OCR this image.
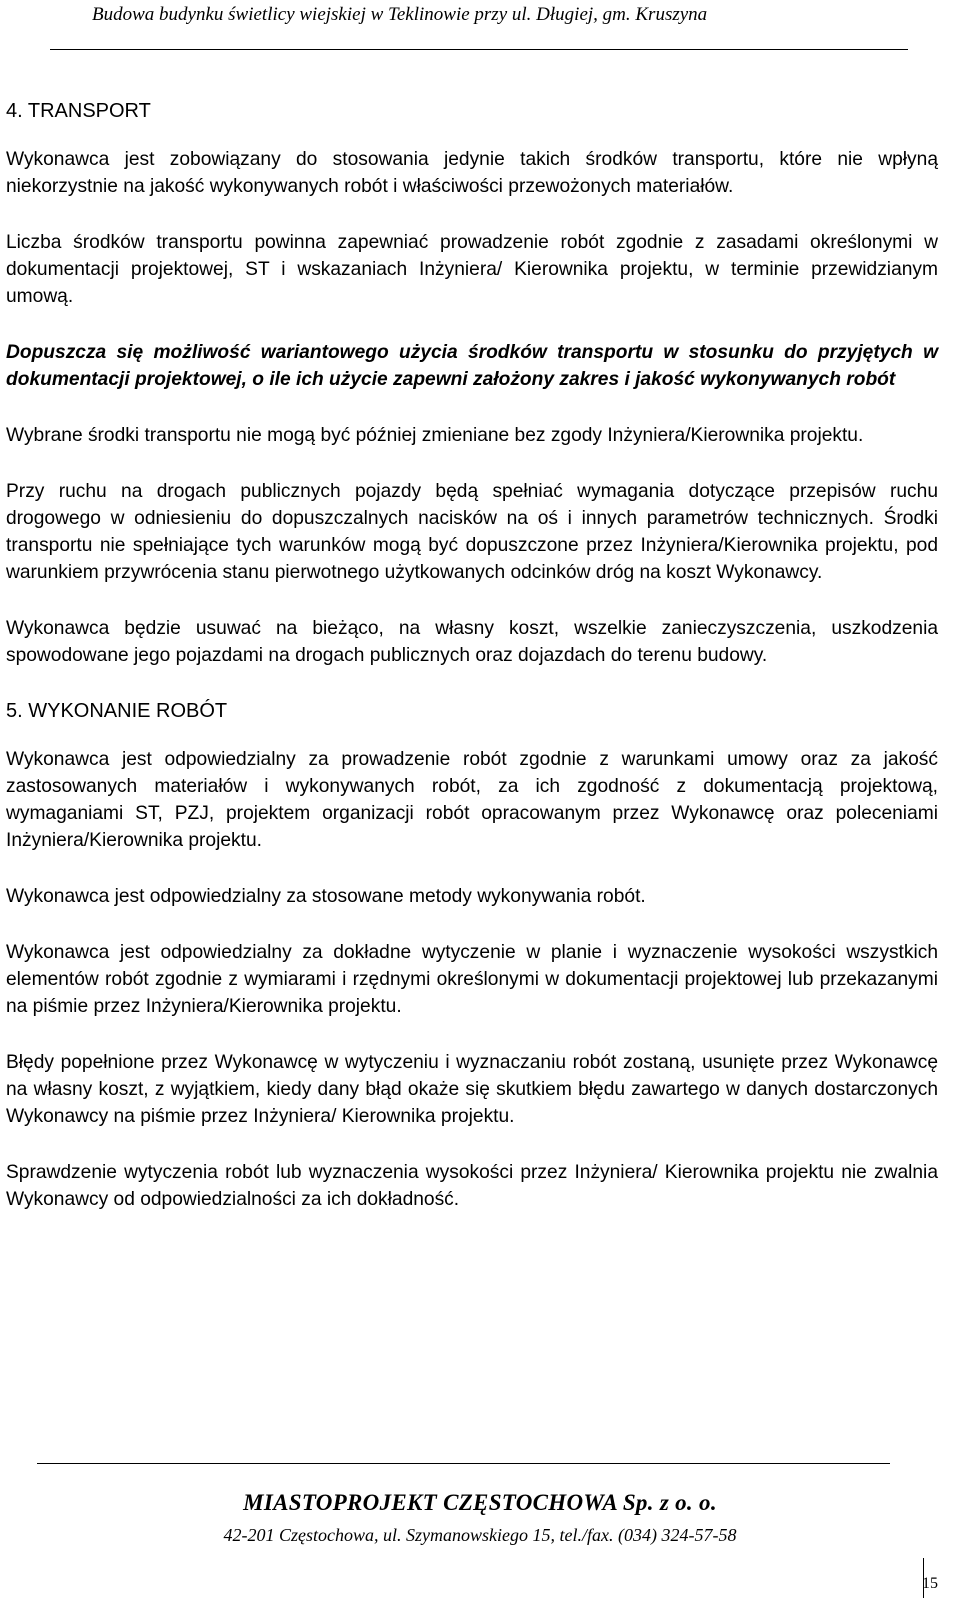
Budowa budynku świetlicy wiejskiej w Teklinowie przy ul. Długiej, gm. Kruszyna
4. TRANSPORT

Wykonawca jest zobowiązany do stosowania jedynie takich środków transportu, które nie wpłyną niekorzystnie na jakość wykonywanych robót i właściwości przewożonych materiałów.

Liczba środków transportu powinna zapewniać prowadzenie robót zgodnie z zasadami określonymi w dokumentacji projektowej, ST i wskazaniach Inżyniera/ Kierownika projektu, w terminie przewidzianym umową.

Dopuszcza się możliwość wariantowego użycia środków transportu w stosunku do przyjętych w dokumentacji projektowej, o ile ich użycie zapewni założony zakres i jakość wykonywanych robót

Wybrane środki transportu nie mogą być później zmieniane bez zgody Inżyniera/Kierownika projektu.

Przy ruchu na drogach publicznych pojazdy będą spełniać wymagania dotyczące przepisów ruchu drogowego w odniesieniu do dopuszczalnych nacisków na oś i innych parametrów technicznych. Środki transportu nie spełniające tych warunków mogą być dopuszczone przez Inżyniera/Kierownika projektu, pod warunkiem przywrócenia stanu pierwotnego użytkowanych odcinków dróg na koszt Wykonawcy.

Wykonawca będzie usuwać na bieżąco, na własny koszt, wszelkie zanieczyszczenia, uszkodzenia spowodowane jego pojazdami na drogach publicznych oraz dojazdach do terenu budowy.

5. WYKONANIE ROBÓT

Wykonawca jest odpowiedzialny za prowadzenie robót zgodnie z warunkami umowy oraz za jakość zastosowanych materiałów i wykonywanych robót, za ich zgodność z dokumentacją projektową, wymaganiami ST, PZJ, projektem organizacji robót opracowanym przez Wykonawcę oraz poleceniami Inżyniera/Kierownika projektu.

Wykonawca jest odpowiedzialny za stosowane metody wykonywania robót.

Wykonawca jest odpowiedzialny za dokładne wytyczenie w planie i wyznaczenie wysokości wszystkich elementów robót zgodnie z wymiarami i rzędnymi określonymi w dokumentacji projektowej lub przekazanymi na piśmie przez Inżyniera/Kierownika projektu.

Błędy popełnione przez Wykonawcę w wytyczeniu i wyznaczaniu robót zostaną, usunięte przez Wykonawcę na własny koszt, z wyjątkiem, kiedy dany błąd okaże się skutkiem błędu zawartego w danych dostarczonych Wykonawcy na piśmie przez Inżyniera/ Kierownika projektu.

Sprawdzenie wytyczenia robót lub wyznaczenia wysokości przez Inżyniera/ Kierownika projektu nie zwalnia Wykonawcy od odpowiedzialności za ich dokładność.

MIASTOPROJEKT CZĘSTOCHOWA Sp. z o. o.
42-201 Częstochowa, ul. Szymanowskiego 15, tel./fax. (034) 324-57-58
15
